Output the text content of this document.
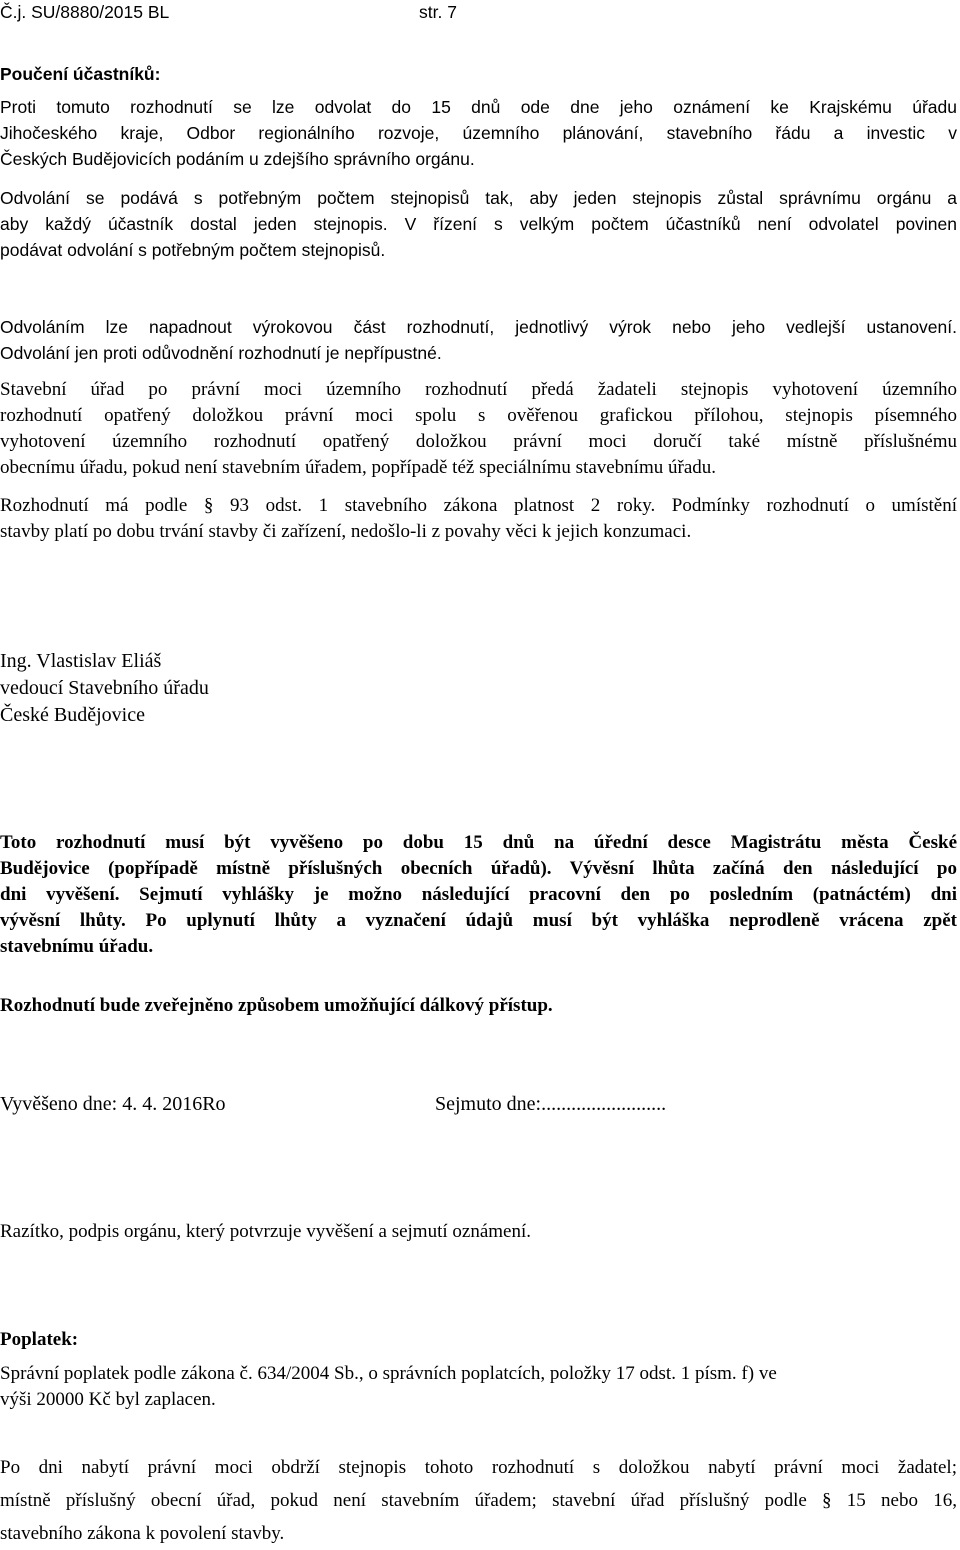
Č.j. SU/8880/2015 BL	str. 7
Poučení účastníků:
Proti tomuto rozhodnutí se lze odvolat do 15 dnů ode dne jeho oznámení ke Krajskému úřadu
Jihočeského kraje, Odbor regionálního rozvoje, územního plánování, stavebního řádu a investic v
Českých Budějovicích podáním u zdejšího správního orgánu.
Odvolání se podává s potřebným počtem stejnopisů tak, aby jeden stejnopis zůstal správnímu orgánu a
aby každý účastník dostal jeden stejnopis. V řízení s velkým počtem účastníků není odvolatel povinen
podávat odvolání s potřebným počtem stejnopisů.
Odvoláním lze napadnout výrokovou část rozhodnutí, jednotlivý výrok nebo jeho vedlejší ustanovení.
Odvolání jen proti odůvodnění rozhodnutí je nepřípustné.
Stavební úřad po právní moci územního rozhodnutí předá žadateli stejnopis vyhotovení územního
rozhodnutí opatřený doložkou právní moci spolu s ověřenou grafickou přílohou, stejnopis písemného
vyhotovení územního rozhodnutí opatřený doložkou právní moci doručí také místně příslušnému
obecnímu úřadu, pokud není stavebním úřadem, popřípadě též speciálnímu stavebnímu úřadu.
Rozhodnutí má podle § 93 odst. 1 stavebního zákona platnost 2 roky. Podmínky rozhodnutí o umístění
stavby platí po dobu trvání stavby či zařízení, nedošlo-li z povahy věci k jejich konzumaci.
Ing. Vlastislav Eliáš
vedoucí Stavebního úřadu
České Budějovice
Toto rozhodnutí musí být vyvěšeno po dobu 15 dnů na úřední desce Magistrátu města České
Budějovice (popřípadě místně příslušných obecních úřadů). Vývěsní lhůta začíná den následující po
dni vyvěšení. Sejmutí vyhlášky je možno následující pracovní den po posledním (patnáctém) dni
vývěsní lhůty. Po uplynutí lhůty a vyznačení údajů musí být vyhláška neprodleně vrácena zpět
stavebnímu úřadu.
Rozhodnutí bude zveřejněno způsobem umožňující dálkový přístup.
Vyvěšeno dne: 4. 4. 2016Ro	Sejmuto dne:.........................
Razítko, podpis orgánu, který potvrzuje vyvěšení a sejmutí oznámení.
Poplatek:
Správní poplatek podle zákona č. 634/2004 Sb., o správních poplatcích, položky 17 odst. 1 písm. f) ve
výši 20000 Kč byl zaplacen.
Po dni nabytí právní moci obdrží stejnopis tohoto rozhodnutí s doložkou nabytí právní moci žadatel;
místně příslušný obecní úřad, pokud není stavebním úřadem; stavební úřad příslušný podle § 15 nebo 16,
stavebního zákona k povolení stavby.
